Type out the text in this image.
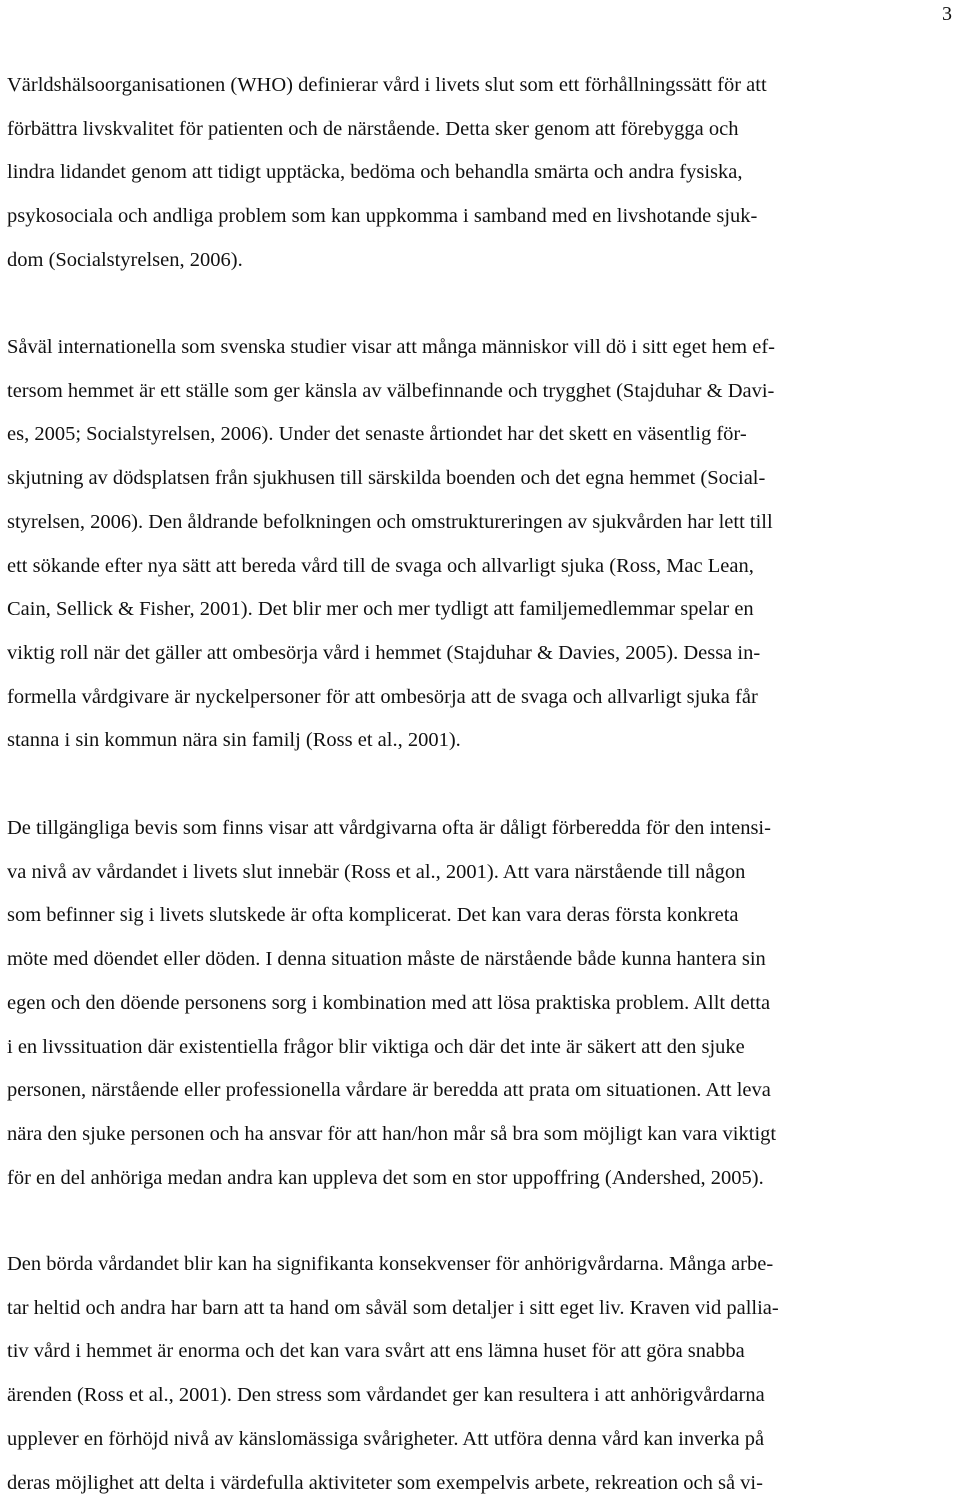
3

Världshälsoorganisationen (WHO) definierar vård i livets slut som ett förhållningssätt för att
förbättra livskvalitet för patienten och de närstående. Detta sker genom att förebygga och
lindra lidandet genom att tidigt upptäcka, bedöma och behandla smärta och andra fysiska,
psykosociala och andliga problem som kan uppkomma i samband med en livshotande sjuk-
dom (Socialstyrelsen, 2006).

Såväl internationella som svenska studier visar att många människor vill dö i sitt eget hem ef-
tersom hemmet är ett ställe som ger känsla av välbefinnande och trygghet (Stajduhar & Davi-
es, 2005; Socialstyrelsen, 2006). Under det senaste årtiondet har det skett en väsentlig för-
skjutning av dödsplatsen från sjukhusen till särskilda boenden och det egna hemmet (Social-
styrelsen, 2006). Den åldrande befolkningen och omstruktureringen av sjukvården har lett till
ett sökande efter nya sätt att bereda vård till de svaga och allvarligt sjuka (Ross, Mac Lean,
Cain, Sellick & Fisher, 2001). Det blir mer och mer tydligt att familjemedlemmar spelar en
viktig roll när det gäller att ombesörja vård i hemmet (Stajduhar & Davies, 2005). Dessa in-
formella vårdgivare är nyckelpersoner för att ombesörja att de svaga och allvarligt sjuka får
stanna i sin kommun nära sin familj (Ross et al., 2001).

De tillgängliga bevis som finns visar att vårdgivarna ofta är dåligt förberedda för den intensi-
va nivå av vårdandet i livets slut innebär (Ross et al., 2001). Att vara närstående till någon
som befinner sig i livets slutskede är ofta komplicerat. Det kan vara deras första konkreta
möte med döendet eller döden. I denna situation måste de närstående både kunna hantera sin
egen och den döende personens sorg i kombination med att lösa praktiska problem. Allt detta
i en livssituation där existentiella frågor blir viktiga och där det inte är säkert att den sjuke
personen, närstående eller professionella vårdare är beredda att prata om situationen. Att leva
nära den sjuke personen och ha ansvar för att han/hon mår så bra som möjligt kan vara viktigt
för en del anhöriga medan andra kan uppleva det som en stor uppoffring (Andershed, 2005).

Den börda vårdandet blir kan ha signifikanta konsekvenser för anhörigvårdarna. Många arbe-
tar heltid och andra har barn att ta hand om såväl som detaljer i sitt eget liv. Kraven vid pallia-
tiv vård i hemmet är enorma och det kan vara svårt att ens lämna huset för att göra snabba
ärenden (Ross et al., 2001). Den stress som vårdandet ger kan resultera i att anhörigvårdarna
upplever en förhöjd nivå av känslomässiga svårigheter. Att utföra denna vård kan inverka på
deras möjlighet att delta i värdefulla aktiviteter som exempelvis arbete, rekreation och så vi-
